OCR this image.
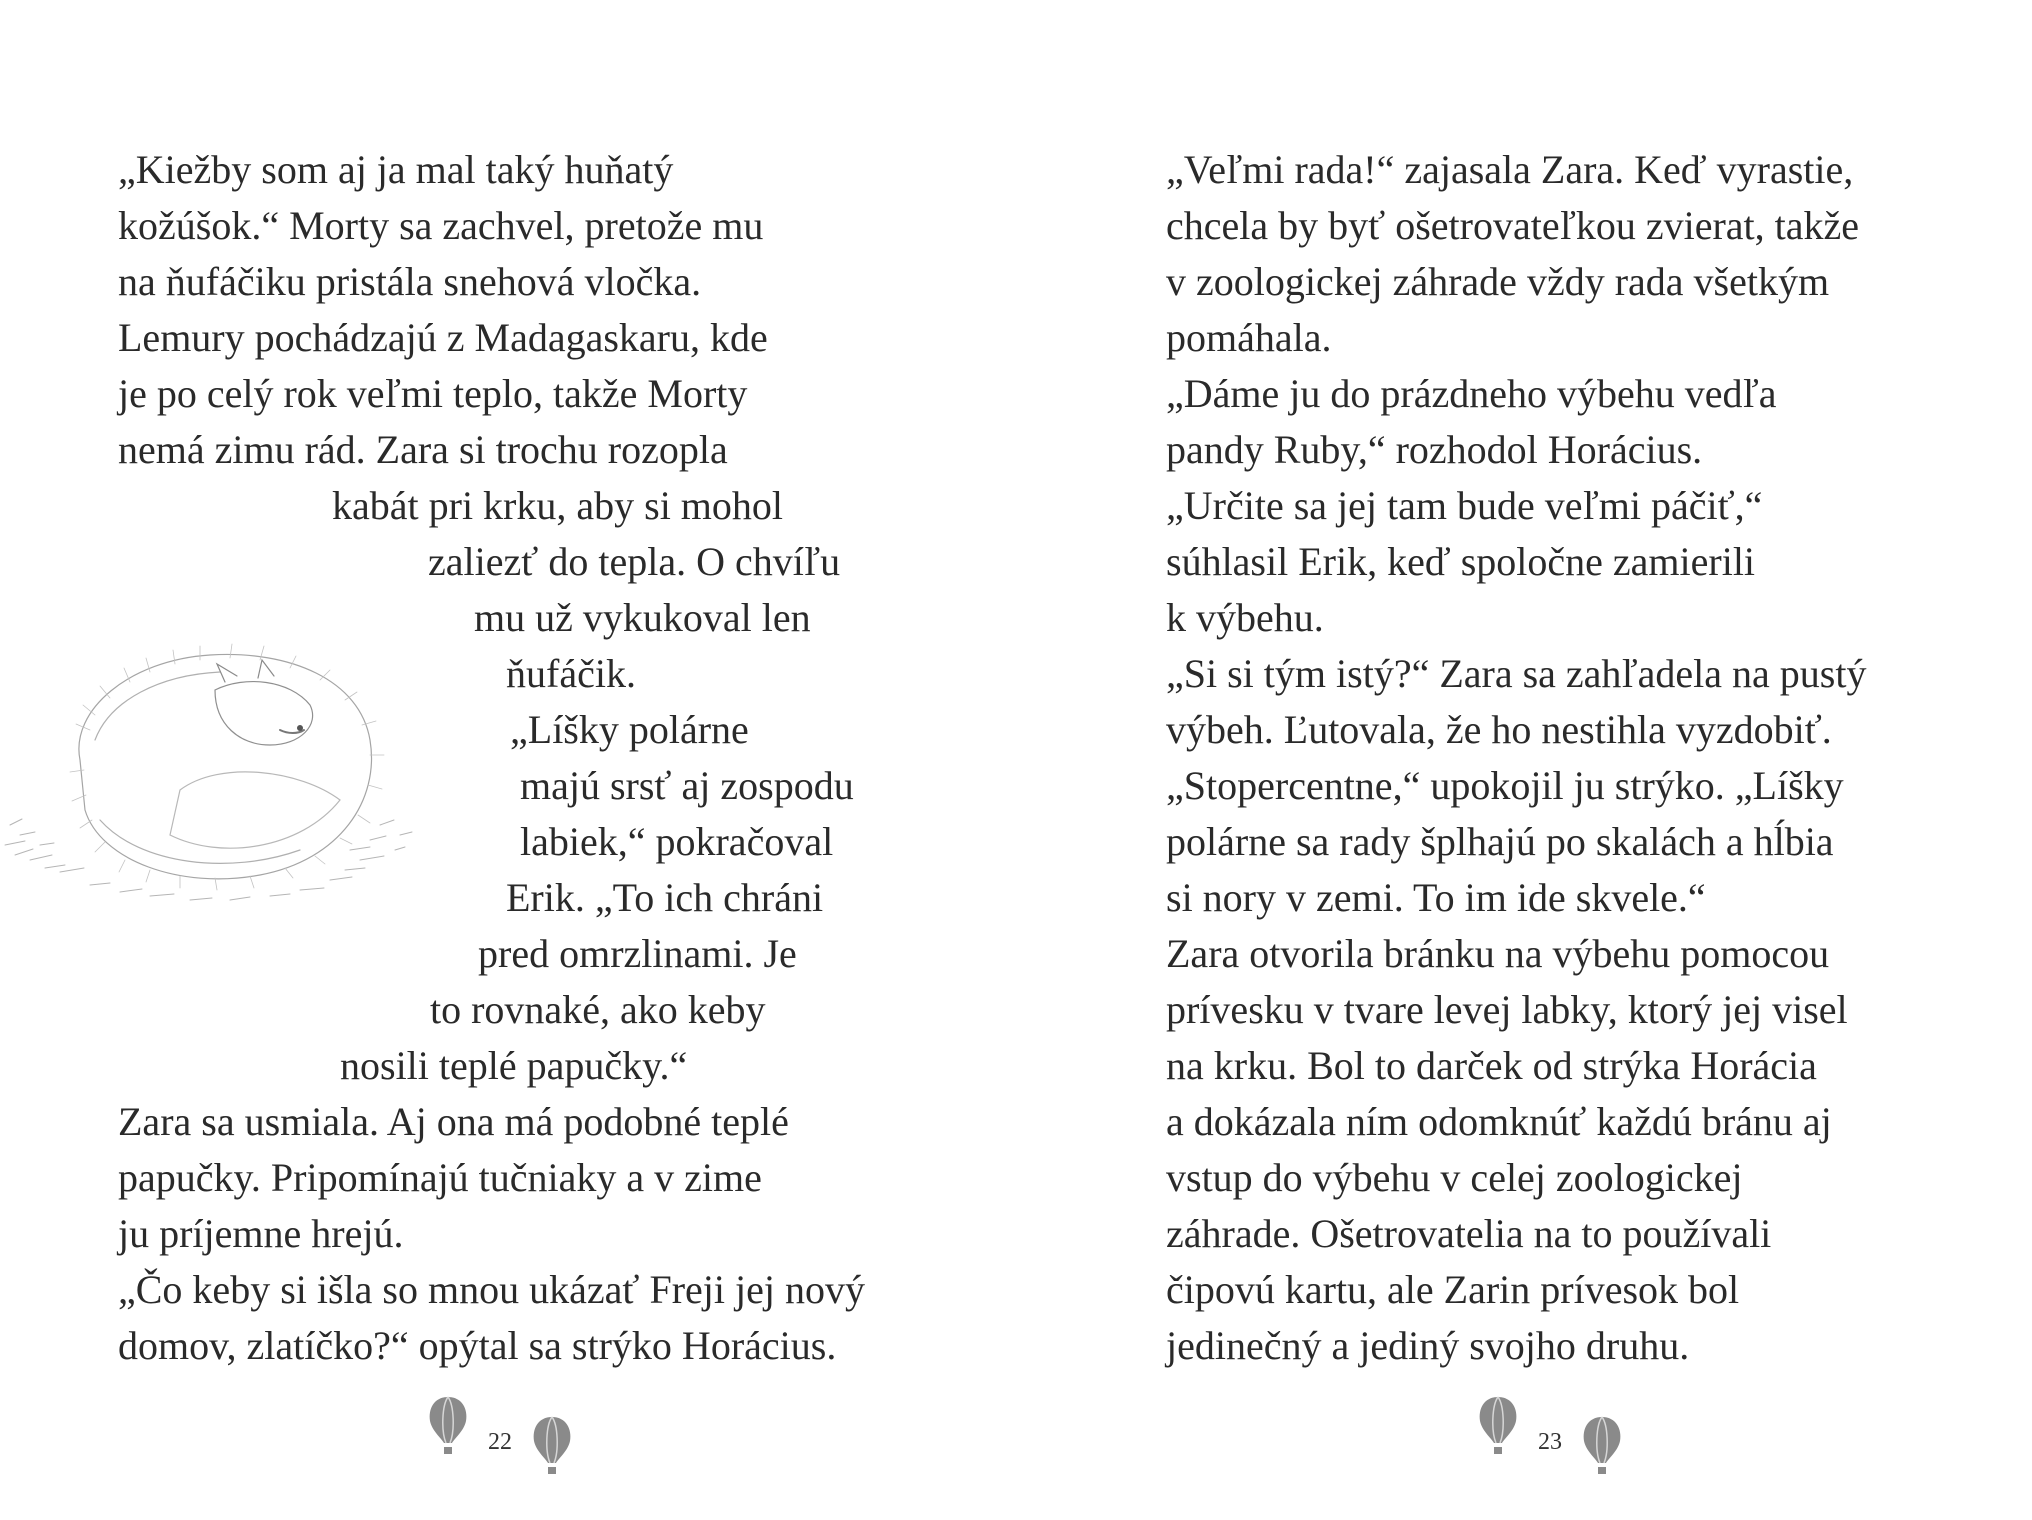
„Kiežby som aj ja mal taký huňatý
kožúšok.“ Morty sa zachvel, pretože mu
na ňufáčiku pristála snehová vločka.
Lemury pochádzajú z Madagaskaru, kde
je po celý rok veľmi teplo, takže Morty
nemá zimu rád. Zara si trochu rozopla
kabát pri krku, aby si mohol
zaliezť do tepla. O chvíľu
mu už vykukoval len
ňufáčik.
„Líšky polárne
majú srsť aj zospodu
labiek,“ pokračoval
Erik. „To ich chráni
pred omrzlinami. Je
to rovnaké, ako keby
nosili teplé papučky.“
Zara sa usmiala. Aj ona má podobné teplé
papučky. Pripomínajú tučniaky a v zime
ju príjemne hrejú.
„Čo keby si išla so mnou ukázať Freji jej nový
domov, zlatíčko?“ opýtal sa strýko Horácius.
22
„Veľmi rada!“ zajasala Zara. Keď vyrastie,
chcela by byť ošetrovateľkou zvierat, takže
v zoologickej záhrade vždy rada všetkým
pomáhala.
„Dáme ju do prázdneho výbehu vedľa
pandy Ruby,“ rozhodol Horácius.
„Určite sa jej tam bude veľmi páčiť,“
súhlasil Erik, keď spoločne zamierili
k výbehu.
„Si si tým istý?“ Zara sa zahľadela na pustý
výbeh. Ľutovala, že ho nestihla vyzdobiť.
„Stopercentne,“ upokojil ju strýko. „Líšky
polárne sa rady šplhajú po skalách a hĺbia
si nory v zemi. To im ide skvele.“
Zara otvorila bránku na výbehu pomocou
prívesku v tvare levej labky, ktorý jej visel
na krku. Bol to darček od strýka Horácia
a dokázala ním odomknúť každú bránu aj
vstup do výbehu v celej zoologickej
záhrade. Ošetrovatelia na to používali
čipovú kartu, ale Zarin prívesok bol
jedinečný a jediný svojho druhu.
23
